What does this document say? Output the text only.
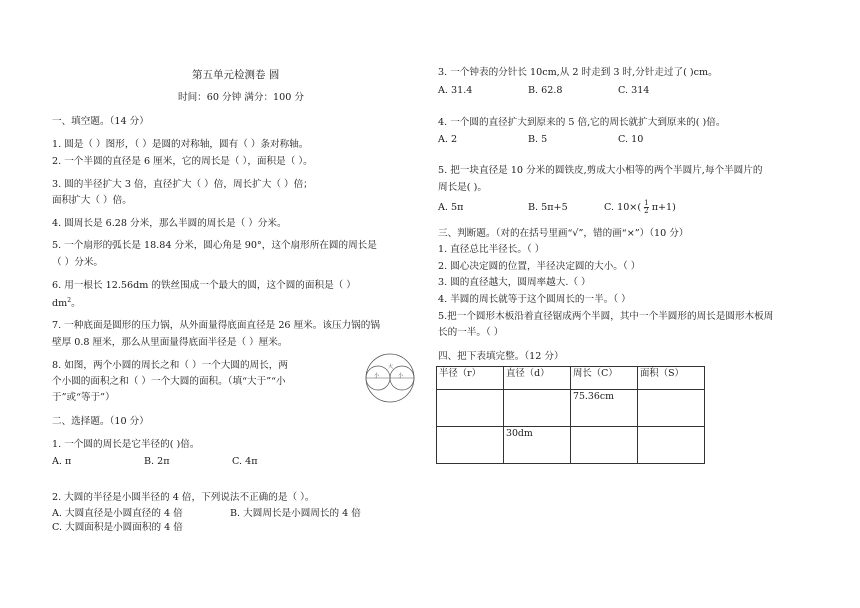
第五单元检测卷 圆
时间：60 分钟 满分：100 分
一、填空题。（14 分）
1. 圆是（ ）图形，（ ）是圆的对称轴，圆有（ ）条对称轴。
2. 一个半圆的直径是 6 厘米，它的周长是（ ），面积是（ ）。
3. 圆的半径扩大 3 倍，直径扩大（ ）倍，周长扩大（ ）倍；
面积扩大（ ）倍。
4. 圆周长是 6.28 分米，那么半圆的周长是（ ）分米。
5. 一个扇形的弧长是 18.84 分米，圆心角是 90°，这个扇形所在圆的周长是
（ ）分米。
6. 用一根长 12.56dm 的铁丝围成一个最大的圆，这个圆的面积是（ ）
$dm^2$。
7. 一种底面是圆形的压力锅，从外面量得底面直径是 26 厘米。该压力锅的锅
壁厚 0.8 厘米，那么从里面量得底面半径是（ ）厘米。
8. 如图，两个小圆的周长之和（ ）一个大圆的周长，两
个小圆的面积之和（ ）一个大圆的面积。（填“大于”“小
于”或“等于”）
小	小
大
二、选择题。（10 分）
1. 一个圆的周长是它半径的( )倍。
A. π	B. 2π	C. 4π
2. 大圆的半径是小圆半径的 4 倍，下列说法不正确的是（ ）。
A. 大圆直径是小圆直径的 4 倍	B. 大圆周长是小圆周长的 4 倍
C. 大圆面积是小圆面积的 4 倍
3. 一个钟表的分针长 10cm,从 2 时走到 3 时,分针走过了( )cm。
A. 31.4	B. 62.8	C. 314
4. 一个圆的直径扩大到原来的 5 倍,它的周长就扩大到原来的( )倍。
A. 2	B. 5	C. 10
5. 把一块直径是 10 分米的圆铁皮,剪成大小相等的两个半圆片,每个半圆片的
周长是( )。
A. 5π	B. 5π+5	C. $10\times( \frac{1}{2} \pi+1)$
三、判断题。（对的在括号里画“√”，错的画“×”）（10 分）
1. 直径总比半径长。（ ）
2. 圆心决定圆的位置，半径决定圆的大小。（ ）
3. 圆的直径越大，圆周率越大.（ ）
4. 半圆的周长就等于这个圆周长的一半。（ ）
5.把一个圆形木板沿着直径锯成两个半圆，其中一个半圆形的周长是圆形木板周
长的一半。（ ）
四、把下表填完整。（12 分）
半径（r）	直径（d）	周长（C）	面积（S）
		75.36cm	
	30dm		
